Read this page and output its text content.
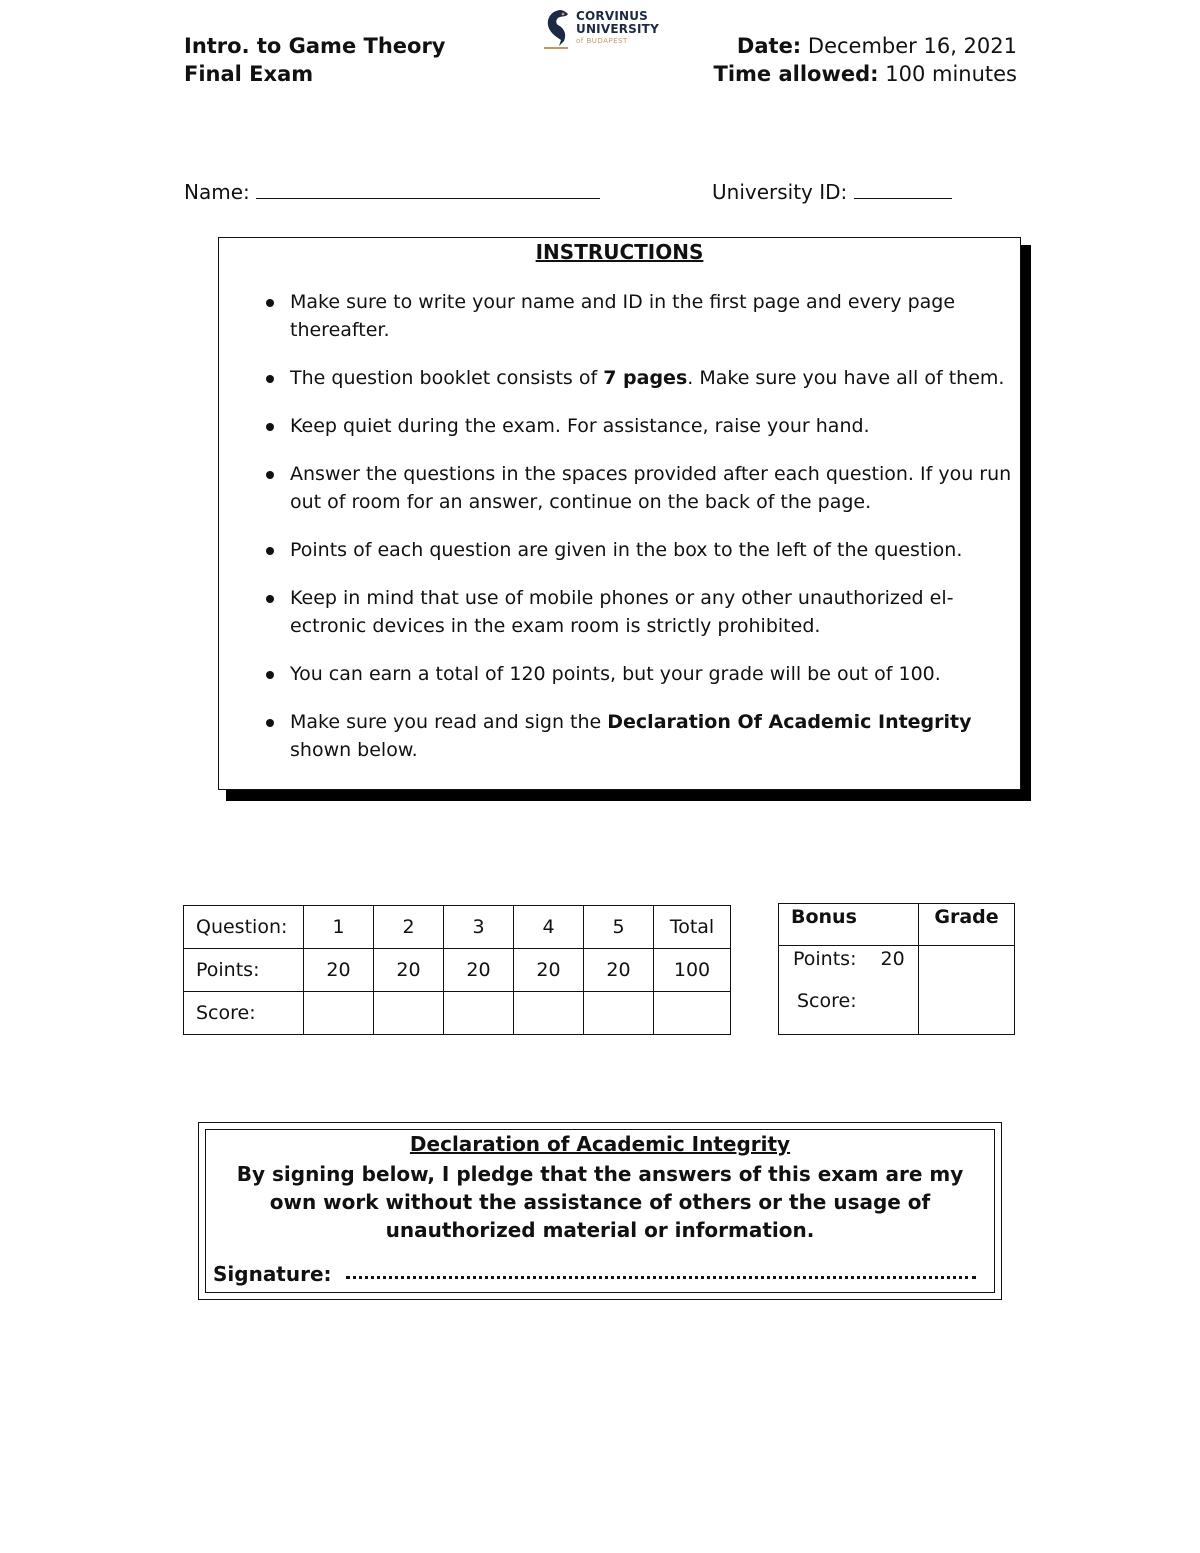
CORVINUS
UNIVERSITY
of BUDAPEST
Intro. to Game Theory
Final Exam
Date: December 16, 2021
Time allowed: 100 minutes
Name:	University ID:
INSTRUCTIONS
Make sure to write your name and ID in the first page and every page thereafter.
The question booklet consists of 7 pages. Make sure you have all of them.
Keep quiet during the exam. For assistance, raise your hand.
Answer the questions in the spaces provided after each question. If you run out of room for an answer, continue on the back of the page.
Points of each question are given in the box to the left of the question.
Keep in mind that use of mobile phones or any other unauthorized el-ectronic devices in the exam room is strictly prohibited.
You can earn a total of 120 points, but your grade will be out of 100.
Make sure you read and sign the Declaration Of Academic Integrity shown below.
Question:	1	2	3	4	5	Total
Points:	20	20	20	20	20	100
Score:						
Bonus	Grade

Points: 20
Score:	

Declaration of Academic Integrity
By signing below, I pledge that the answers of this exam are my own work without the assistance of others or the usage of unauthorized material or information.
Signature:
